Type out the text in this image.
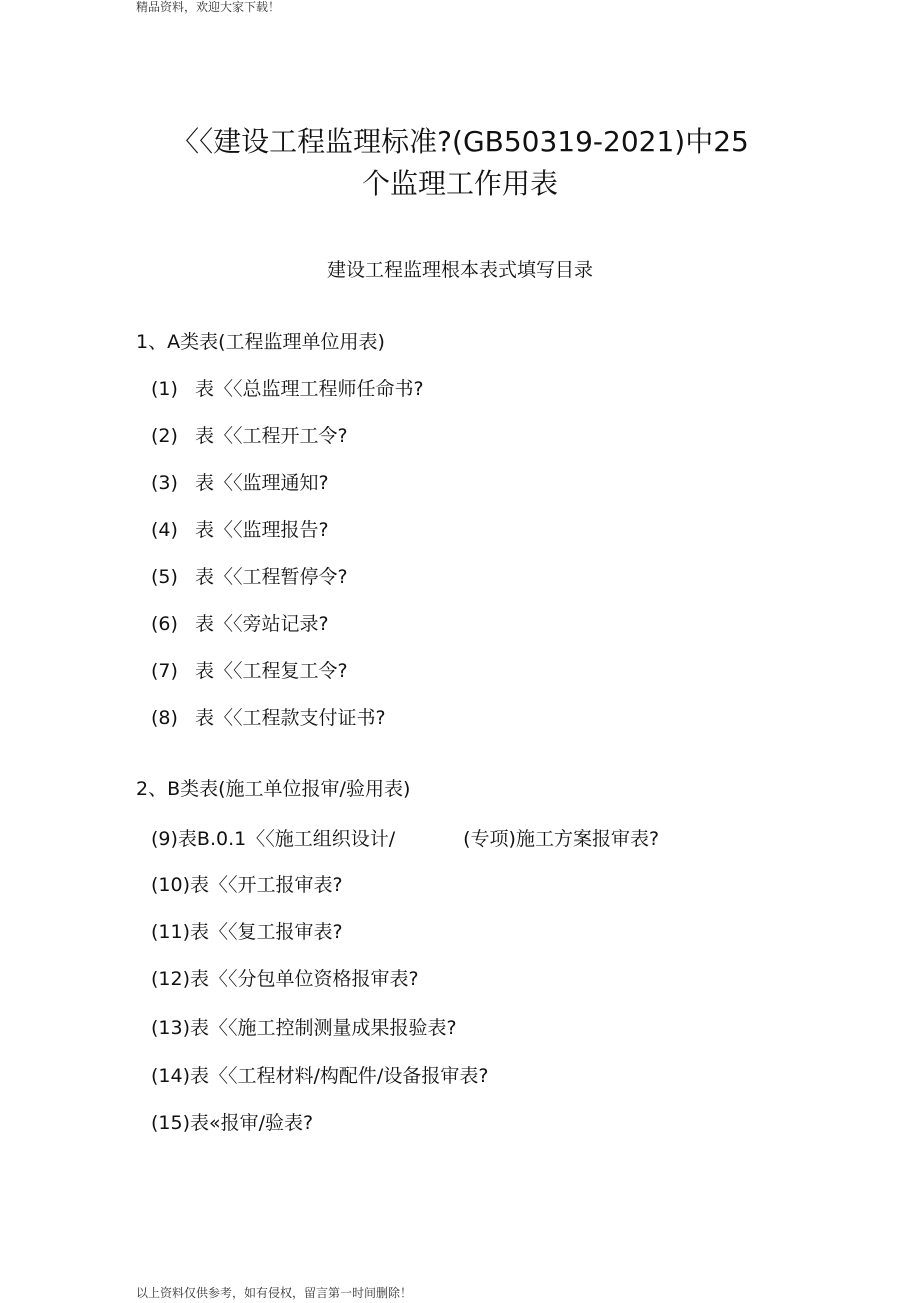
精品资料，欢迎大家下载！
〈〈建设工程监理标准?(GB50319-2021)中25
个监理工作用表
建设工程监理根本表式填写目录
1、A类表(工程监理单位用表)
(1) 表〈〈总监理工程师任命书?
(2) 表〈〈工程开工令?
(3) 表〈〈监理通知?
(4) 表〈〈监理报告?
(5) 表〈〈工程暂停令?
(6) 表〈〈旁站记录?
(7) 表〈〈工程复工令?
(8) 表〈〈工程款支付证书?
2、B类表(施工单位报审/验用表)
(9)表B.0.1〈〈施工组织设计/	(专项)施工方案报审表?
(10)表〈〈开工报审表?
(11)表〈〈复工报审表?
(12)表〈〈分包单位资格报审表?
(13)表〈〈施工控制测量成果报验表?
(14)表〈〈工程材料/构配件/设备报审表?
(15)表«报审/验表?
以上资料仅供参考，如有侵权，留言第一时间删除！
